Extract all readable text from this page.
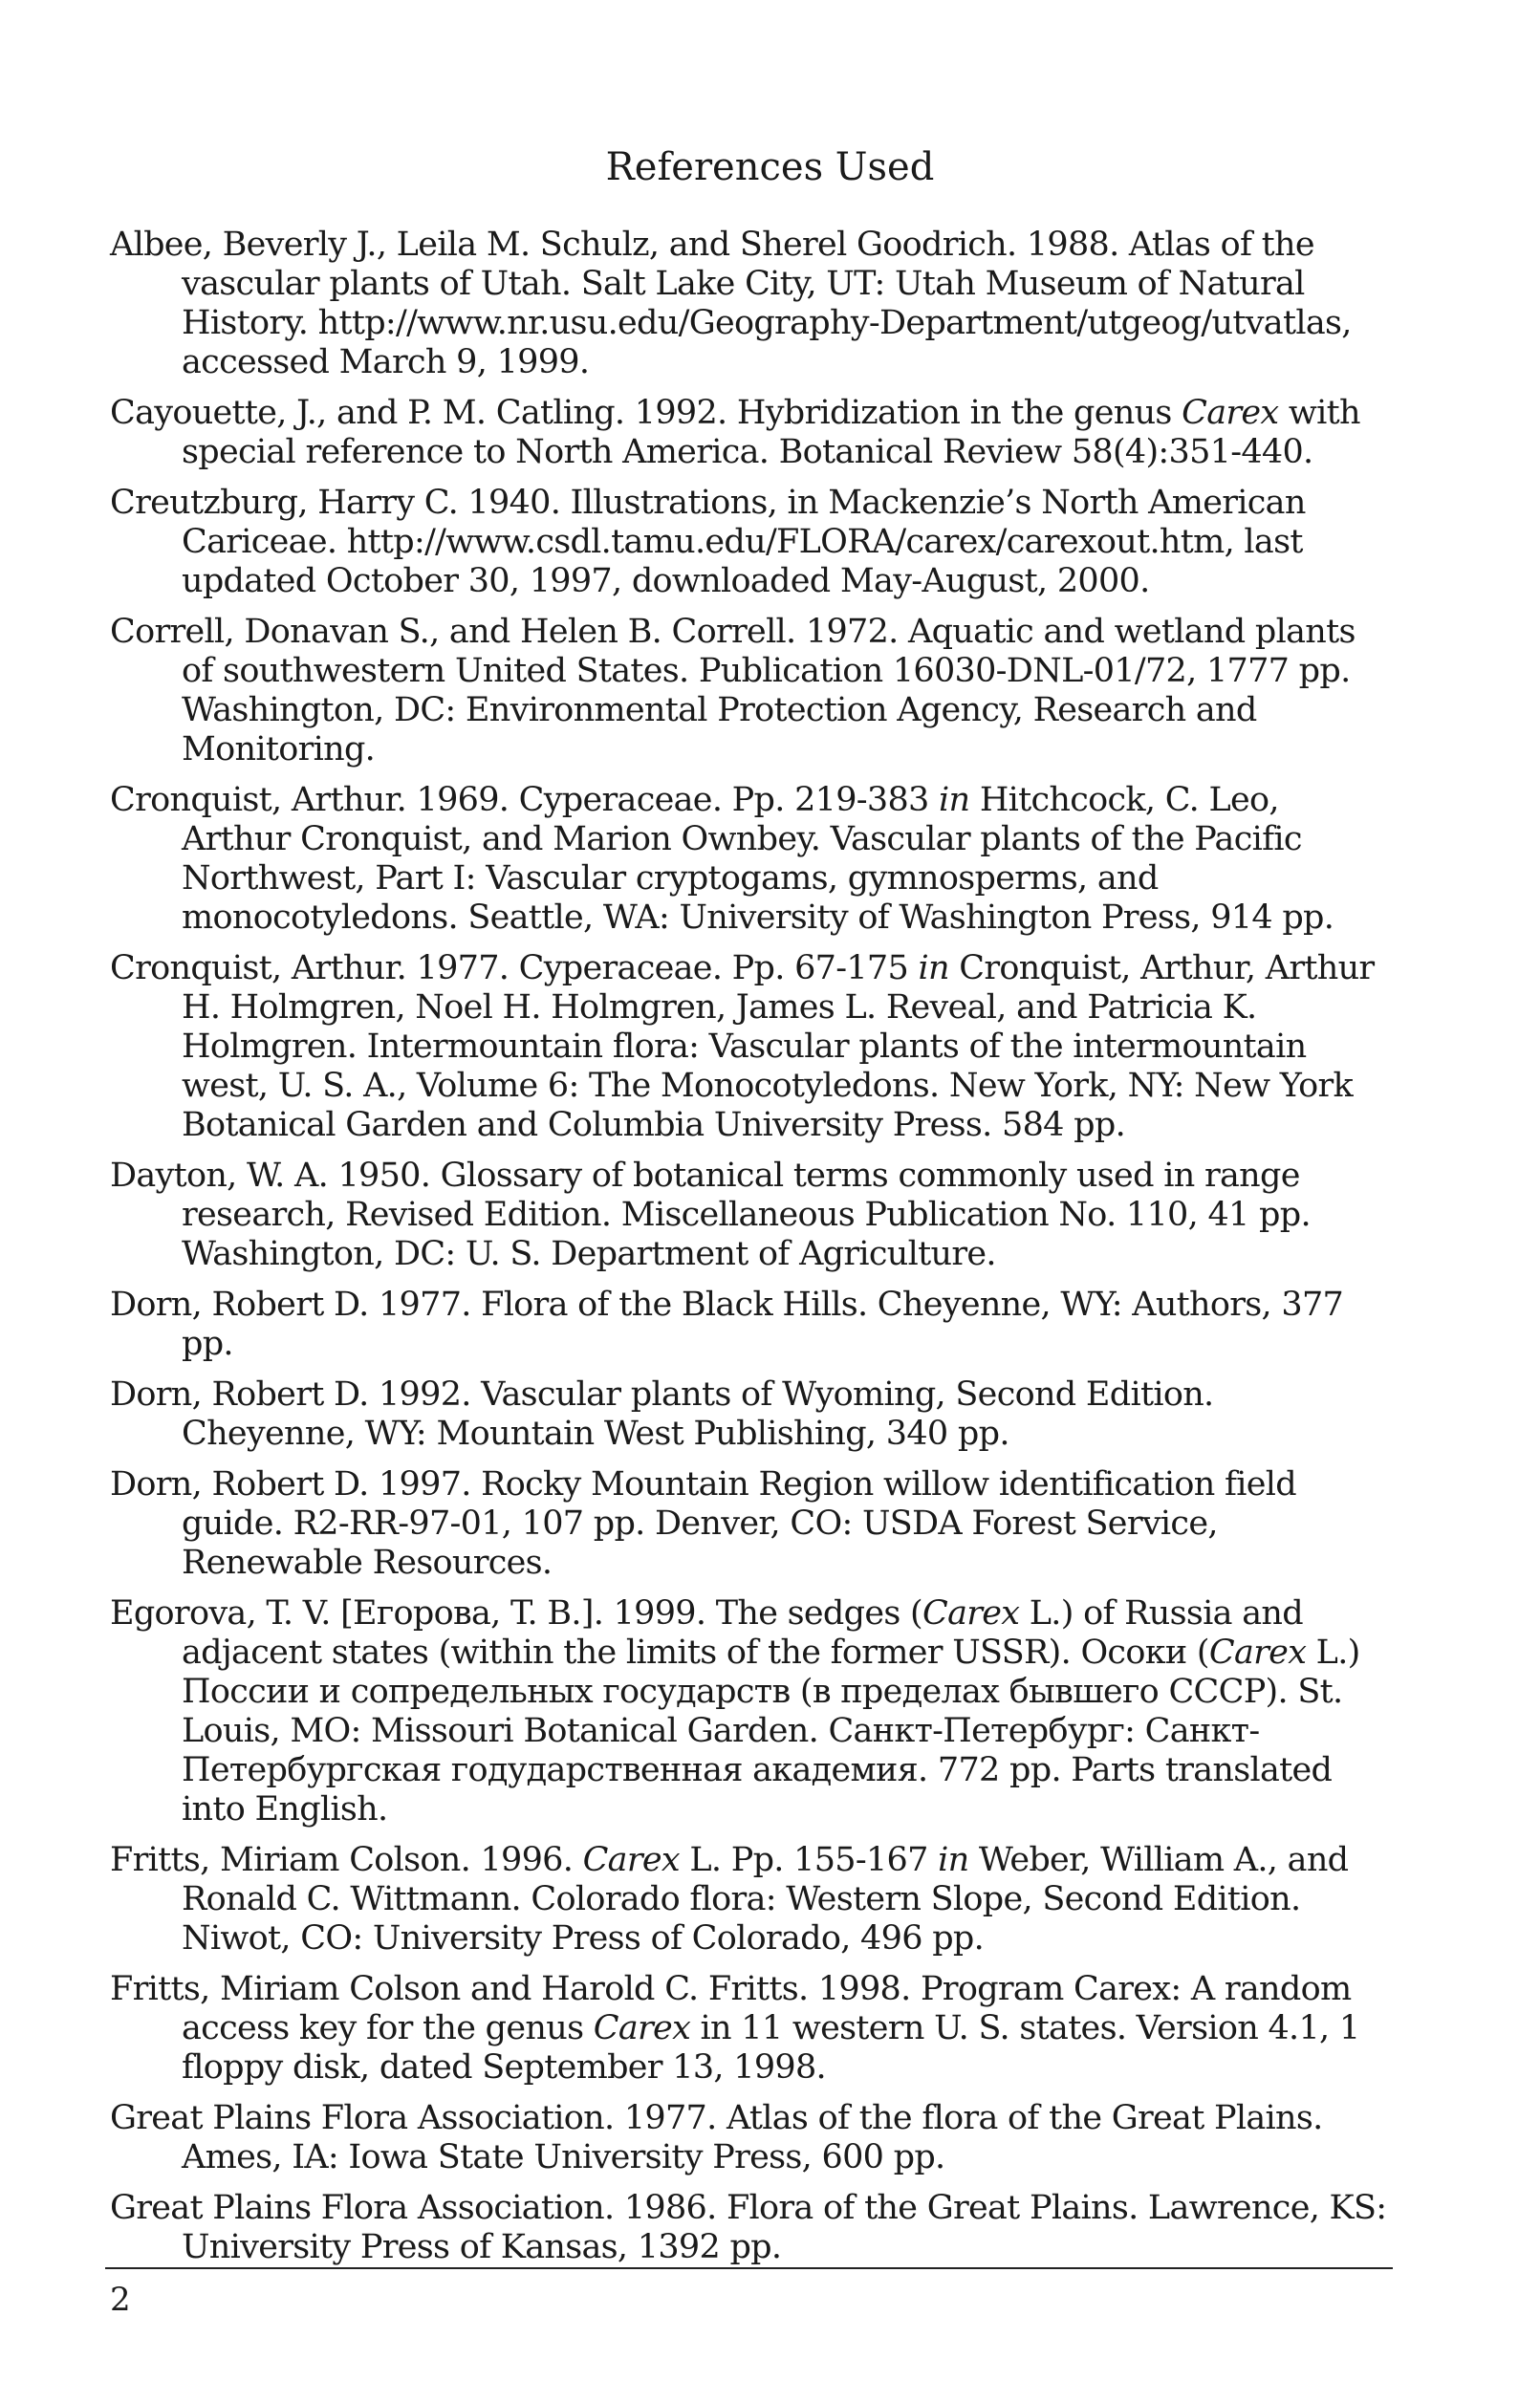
References Used
Albee, Beverly J., Leila M. Schulz, and Sherel Goodrich. 1988. Atlas of the vascular plants of Utah. Salt Lake City, UT: Utah Museum of Natural History. http://www.nr.usu.edu/Geography-Department/utgeog/utvatlas, accessed March 9, 1999.
Cayouette, J., and P. M. Catling. 1992. Hybridization in the genus Carex with special reference to North America. Botanical Review 58(4):351-440.
Creutzburg, Harry C. 1940. Illustrations, in Mackenzie’s North American Cariceae. http://www.csdl.tamu.edu/FLORA/carex/carexout.htm, last updated October 30, 1997, downloaded May-August, 2000.
Correll, Donavan S., and Helen B. Correll. 1972. Aquatic and wetland plants of southwestern United States. Publication 16030-DNL-01/72, 1777 pp. Washington, DC: Environmental Protection Agency, Research and Monitoring.
Cronquist, Arthur. 1969. Cyperaceae. Pp. 219-383 in Hitchcock, C. Leo, Arthur Cronquist, and Marion Ownbey. Vascular plants of the Pacific Northwest, Part I: Vascular cryptogams, gymnosperms, and monocotyledons. Seattle, WA: University of Washington Press, 914 pp.
Cronquist, Arthur. 1977. Cyperaceae. Pp. 67-175 in Cronquist, Arthur, Arthur H. Holmgren, Noel H. Holmgren, James L. Reveal, and Patricia K. Holmgren. Intermountain flora: Vascular plants of the intermountain west, U. S. A., Volume 6: The Monocotyledons. New York, NY: New York Botanical Garden and Columbia University Press. 584 pp.
Dayton, W. A. 1950. Glossary of botanical terms commonly used in range research, Revised Edition. Miscellaneous Publication No. 110, 41 pp. Washington, DC: U. S. Department of Agriculture.
Dorn, Robert D. 1977. Flora of the Black Hills. Cheyenne, WY: Authors, 377 pp.
Dorn, Robert D. 1992. Vascular plants of Wyoming, Second Edition. Cheyenne, WY: Mountain West Publishing, 340 pp.
Dorn, Robert D. 1997. Rocky Mountain Region willow identification field guide. R2-RR-97-01, 107 pp. Denver, CO: USDA Forest Service, Renewable Resources.
Egorova, T. V. [Егорова, T. B.]. 1999. The sedges (Carex L.) of Russia and adjacent states (within the limits of the former USSR). Осоки (Carex L.) Поссии и сопредельных государств (в пределах бывшего СССР). St. Louis, MO: Missouri Botanical Garden. Санкт-Петербург: Санкт-Петербургская годударственная академия. 772 pp. Parts translated into English.
Fritts, Miriam Colson. 1996. Carex L. Pp. 155-167 in Weber, William A., and Ronald C. Wittmann. Colorado flora: Western Slope, Second Edition. Niwot, CO: University Press of Colorado, 496 pp.
Fritts, Miriam Colson and Harold C. Fritts. 1998. Program Carex: A random access key for the genus Carex in 11 western U. S. states. Version 4.1, 1 floppy disk, dated September 13, 1998.
Great Plains Flora Association. 1977. Atlas of the flora of the Great Plains. Ames, IA: Iowa State University Press, 600 pp.
Great Plains Flora Association. 1986. Flora of the Great Plains. Lawrence, KS: University Press of Kansas, 1392 pp.
2
